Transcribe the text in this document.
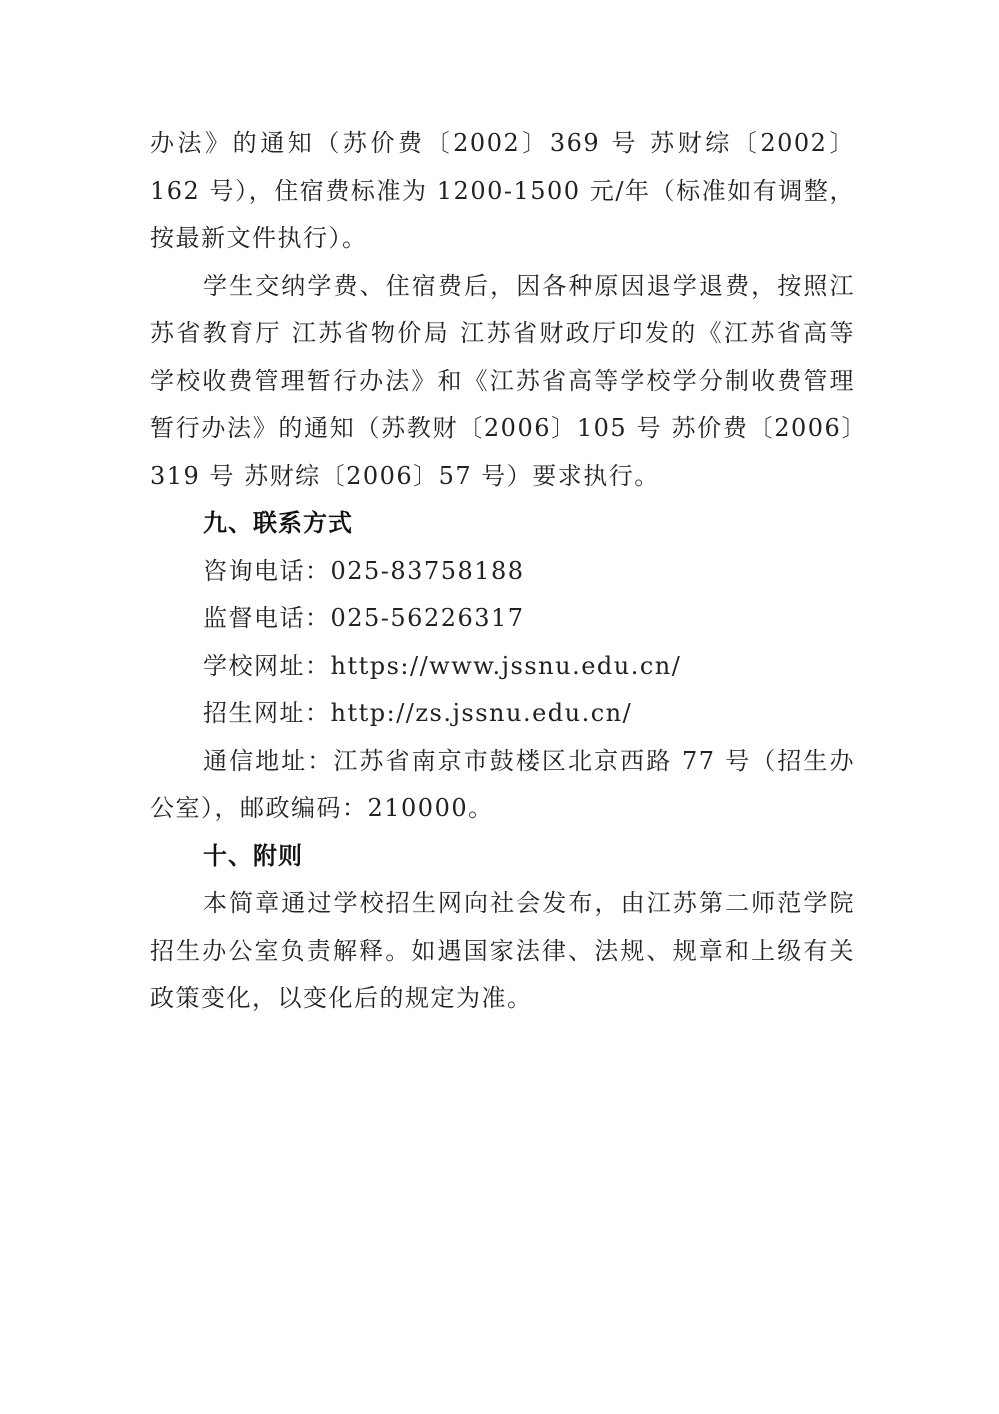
办法》的通知（苏价费〔2002〕369 号 苏财综〔2002〕162 号），住宿费标准为 1200-1500 元/年（标准如有调整，按最新文件执行）。

学生交纳学费、住宿费后，因各种原因退学退费，按照江苏省教育厅 江苏省物价局 江苏省财政厅印发的《江苏省高等学校收费管理暂行办法》和《江苏省高等学校学分制收费管理暂行办法》的通知（苏教财〔2006〕105 号 苏价费〔2006〕319 号 苏财综〔2006〕57 号）要求执行。

九、联系方式

咨询电话：025-83758188

监督电话：025-56226317

学校网址：https://www.jssnu.edu.cn/

招生网址：http://zs.jssnu.edu.cn/

通信地址：江苏省南京市鼓楼区北京西路 77 号（招生办公室），邮政编码：210000。

十、附则

本简章通过学校招生网向社会发布，由江苏第二师范学院招生办公室负责解释。如遇国家法律、法规、规章和上级有关政策变化，以变化后的规定为准。
